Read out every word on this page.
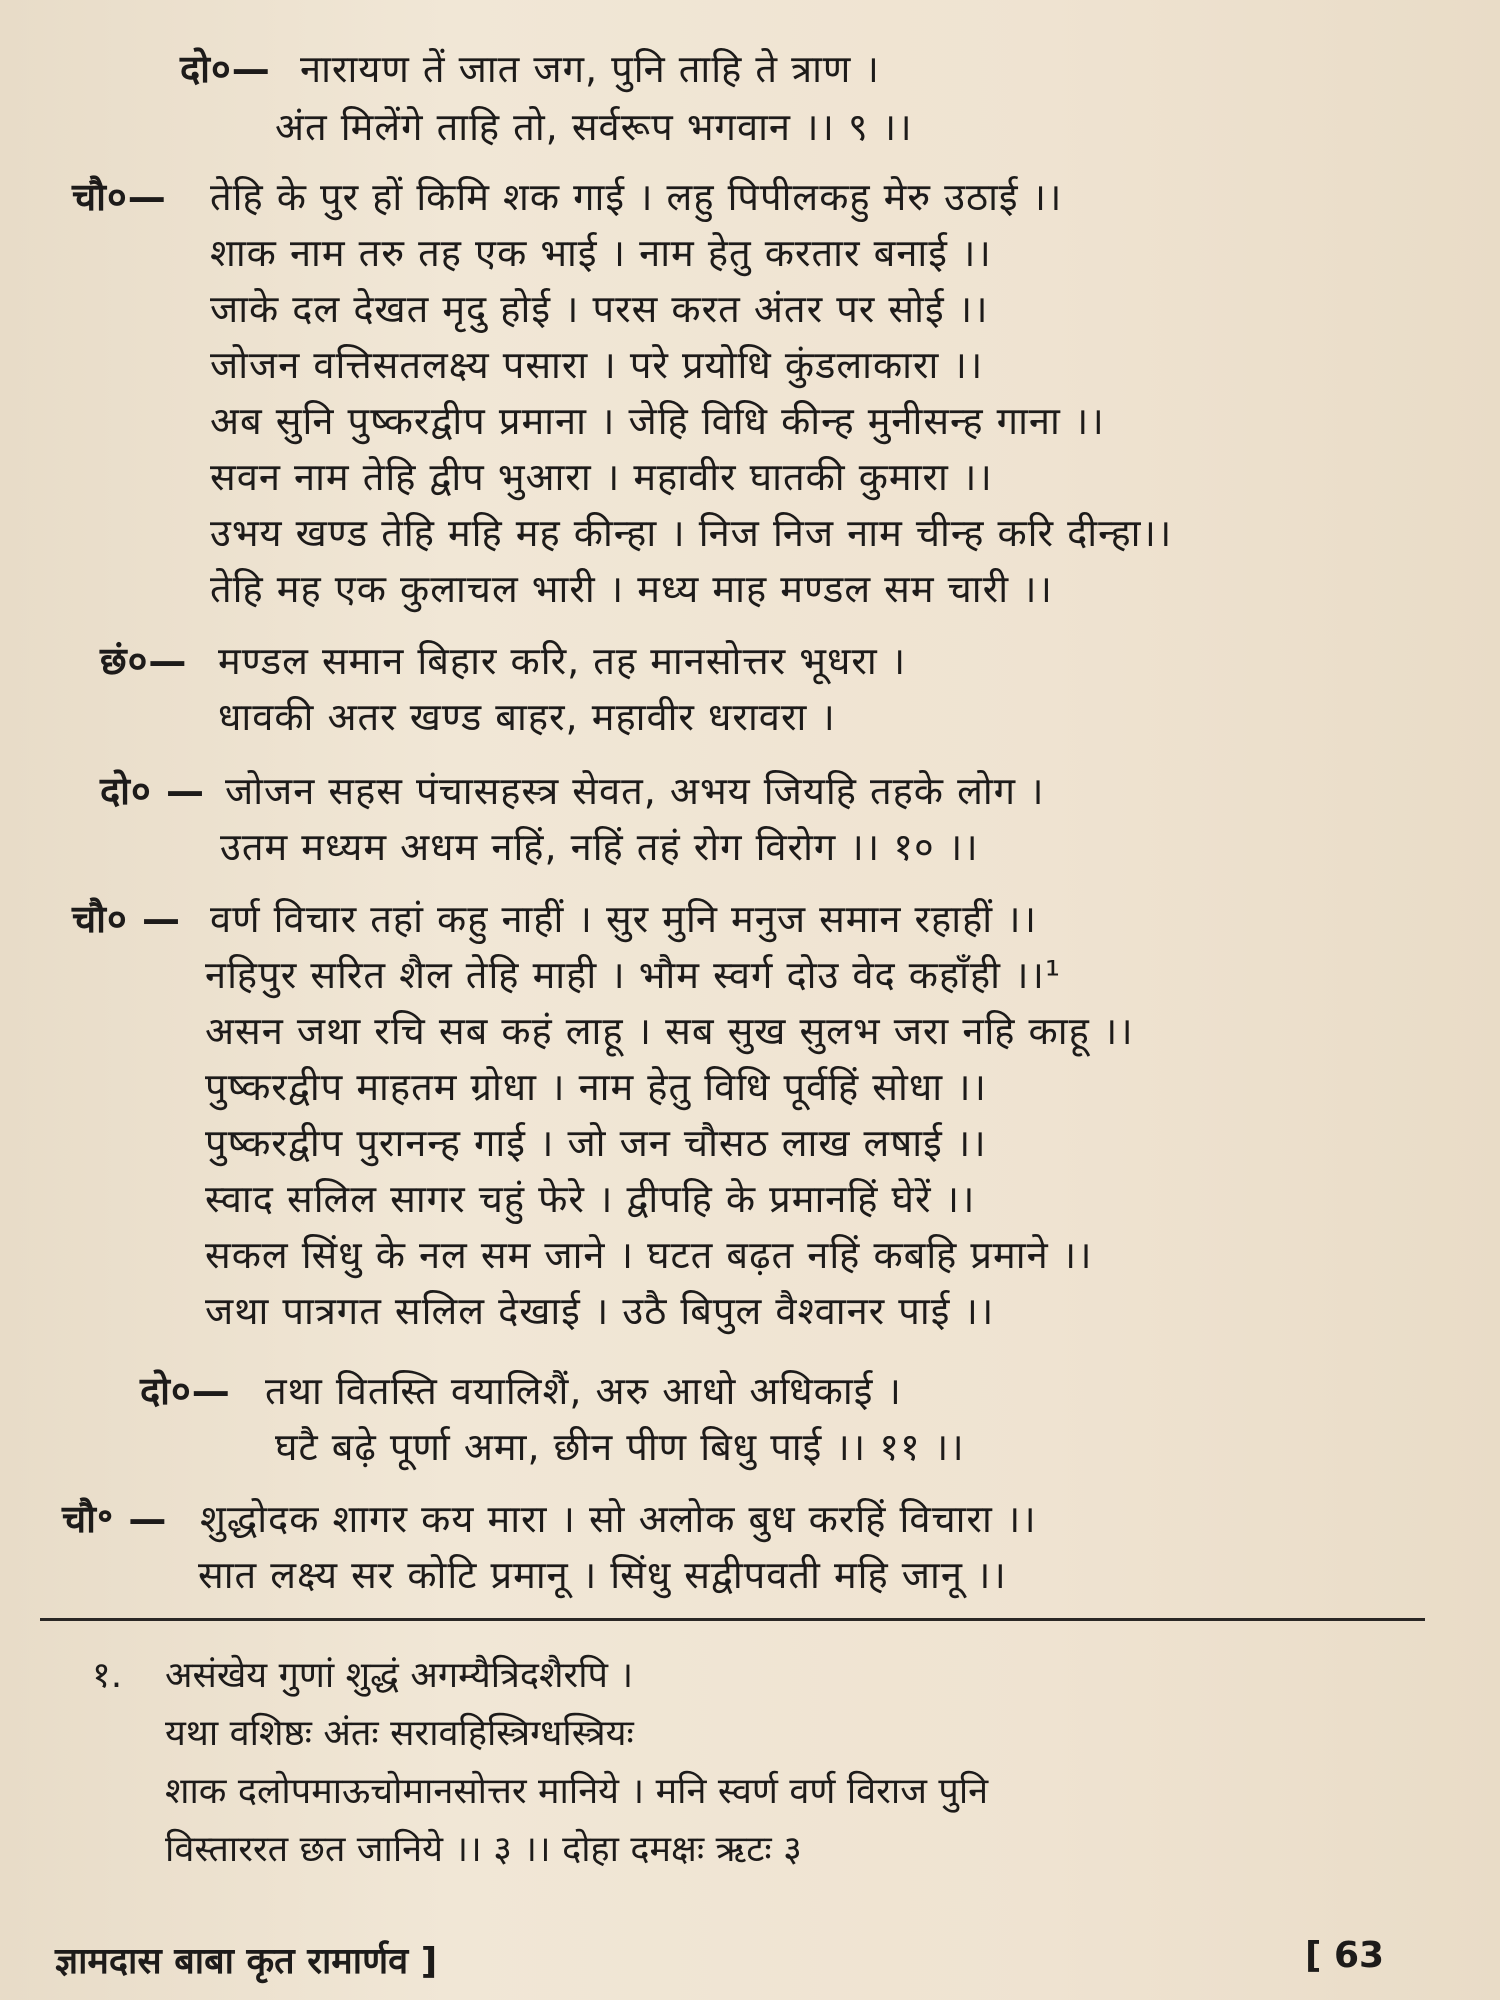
दो०— नारायण तें जात जग, पुनि ताहि ते त्राण ।
अंत मिलेंगे ताहि तो, सर्वरूप भगवान ।। ९ ।।
चौ०— तेहि के पुर हों किमि शक गाई । लहु पिपीलकहु मेरु उठाई ।।
शाक नाम तरु तह एक भाई । नाम हेतु करतार बनाई ।।
जाके दल देखत मृदु होई । परस करत अंतर पर सोई ।।
जोजन वत्तिसतलक्ष्य पसारा । परे प्रयोधि कुंडलाकारा ।।
अब सुनि पुष्करद्वीप प्रमाना । जेहि विधि कीन्ह मुनीसन्ह गाना ।।
सवन नाम तेहि द्वीप भुआरा । महावीर घातकी कुमारा ।।
उभय खण्ड तेहि महि मह कीन्हा । निज निज नाम चीन्ह करि दीन्हा।।
तेहि मह एक कुलाचल भारी । मध्य माह मण्डल सम चारी ।।
छं०— मण्डल समान बिहार करि, तह मानसोत्तर भूधरा ।
धावकी अतर खण्ड बाहर, महावीर धरावरा ।
दो० — जोजन सहस पंचासहस्त्र सेवत, अभय जियहि तहके लोग ।
उतम मध्यम अधम नहिं, नहिं तहं रोग विरोग ।। १० ।।
चौ० — वर्ण विचार तहां कहु नाहीं । सुर मुनि मनुज समान रहाहीं ।।
नहिपुर सरित शैल तेहि माही । भौम स्वर्ग दोउ वेद कहाँही ।।¹
असन जथा रचि सब कहं लाहू । सब सुख सुलभ जरा नहि काहू ।।
पुष्करद्वीप माहतम ग्रोधा । नाम हेतु विधि पूर्वहिं सोधा ।।
पुष्करद्वीप पुरानन्ह गाई । जो जन चौसठ लाख लषाई ।।
स्वाद सलिल सागर चहुं फेरे । द्वीपहि के प्रमानहिं घेरें ।।
सकल सिंधु के नल सम जाने । घटत बढ़त नहिं कबहि प्रमाने ।।
जथा पात्रगत सलिल देखाई । उठै बिपुल वैश्वानर पाई ।।
दो०— तथा वितस्ति वयालिशैं, अरु आधो अधिकाई ।
घटै बढ़े पूर्णा अमा, छीन पीण बिधु पाई ।। ११ ।।
चौ॰ — शुद्धोदक शागर कय मारा । सो अलोक बुध करहिं विचारा ।।
सात लक्ष्य सर कोटि प्रमानू । सिंधु सद्वीपवती महि जानू ।।
१. असंखेय गुणां शुद्धं अगम्यैत्रिदशैरपि ।
यथा वशिष्ठः अंतः सरावहिस्त्रिग्धस्त्रियः
शाक दलोपमाऊचोमानसोत्तर मानिये । मनि स्वर्ण वर्ण विराज पुनि
विस्ताररत छत जानिये ।। ३ ।। दोहा दमक्षः ऋटः ३
ज्ञामदास बाबा कृत रामार्णव ]	[ 63
